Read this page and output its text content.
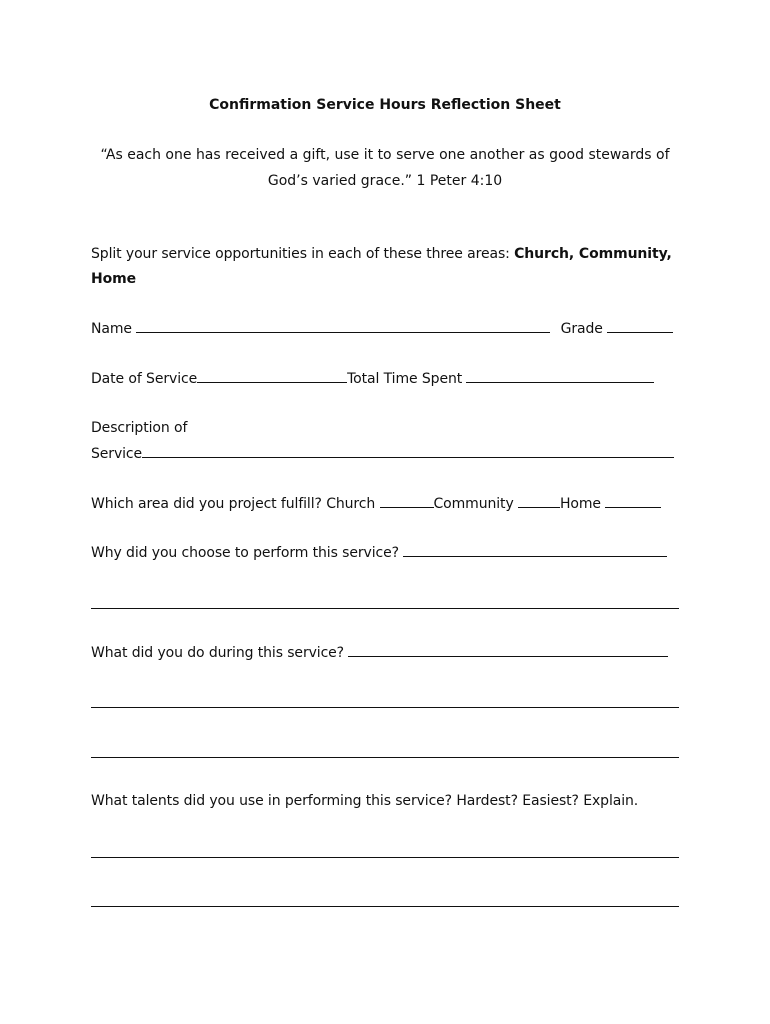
Confirmation Service Hours Reflection Sheet
“As each one has received a gift, use it to serve one another as good stewards of
God’s varied grace.” 1 Peter 4:10
Split your service opportunities in each of these three areas: Church, Community,
Home
Name	Grade
Date of Service	Total Time Spent
Description of
Service
Which area did you project fulfill? Church	Community	Home
Why did you choose to perform this service?
What did you do during this service?
What talents did you use in performing this service? Hardest? Easiest? Explain.
